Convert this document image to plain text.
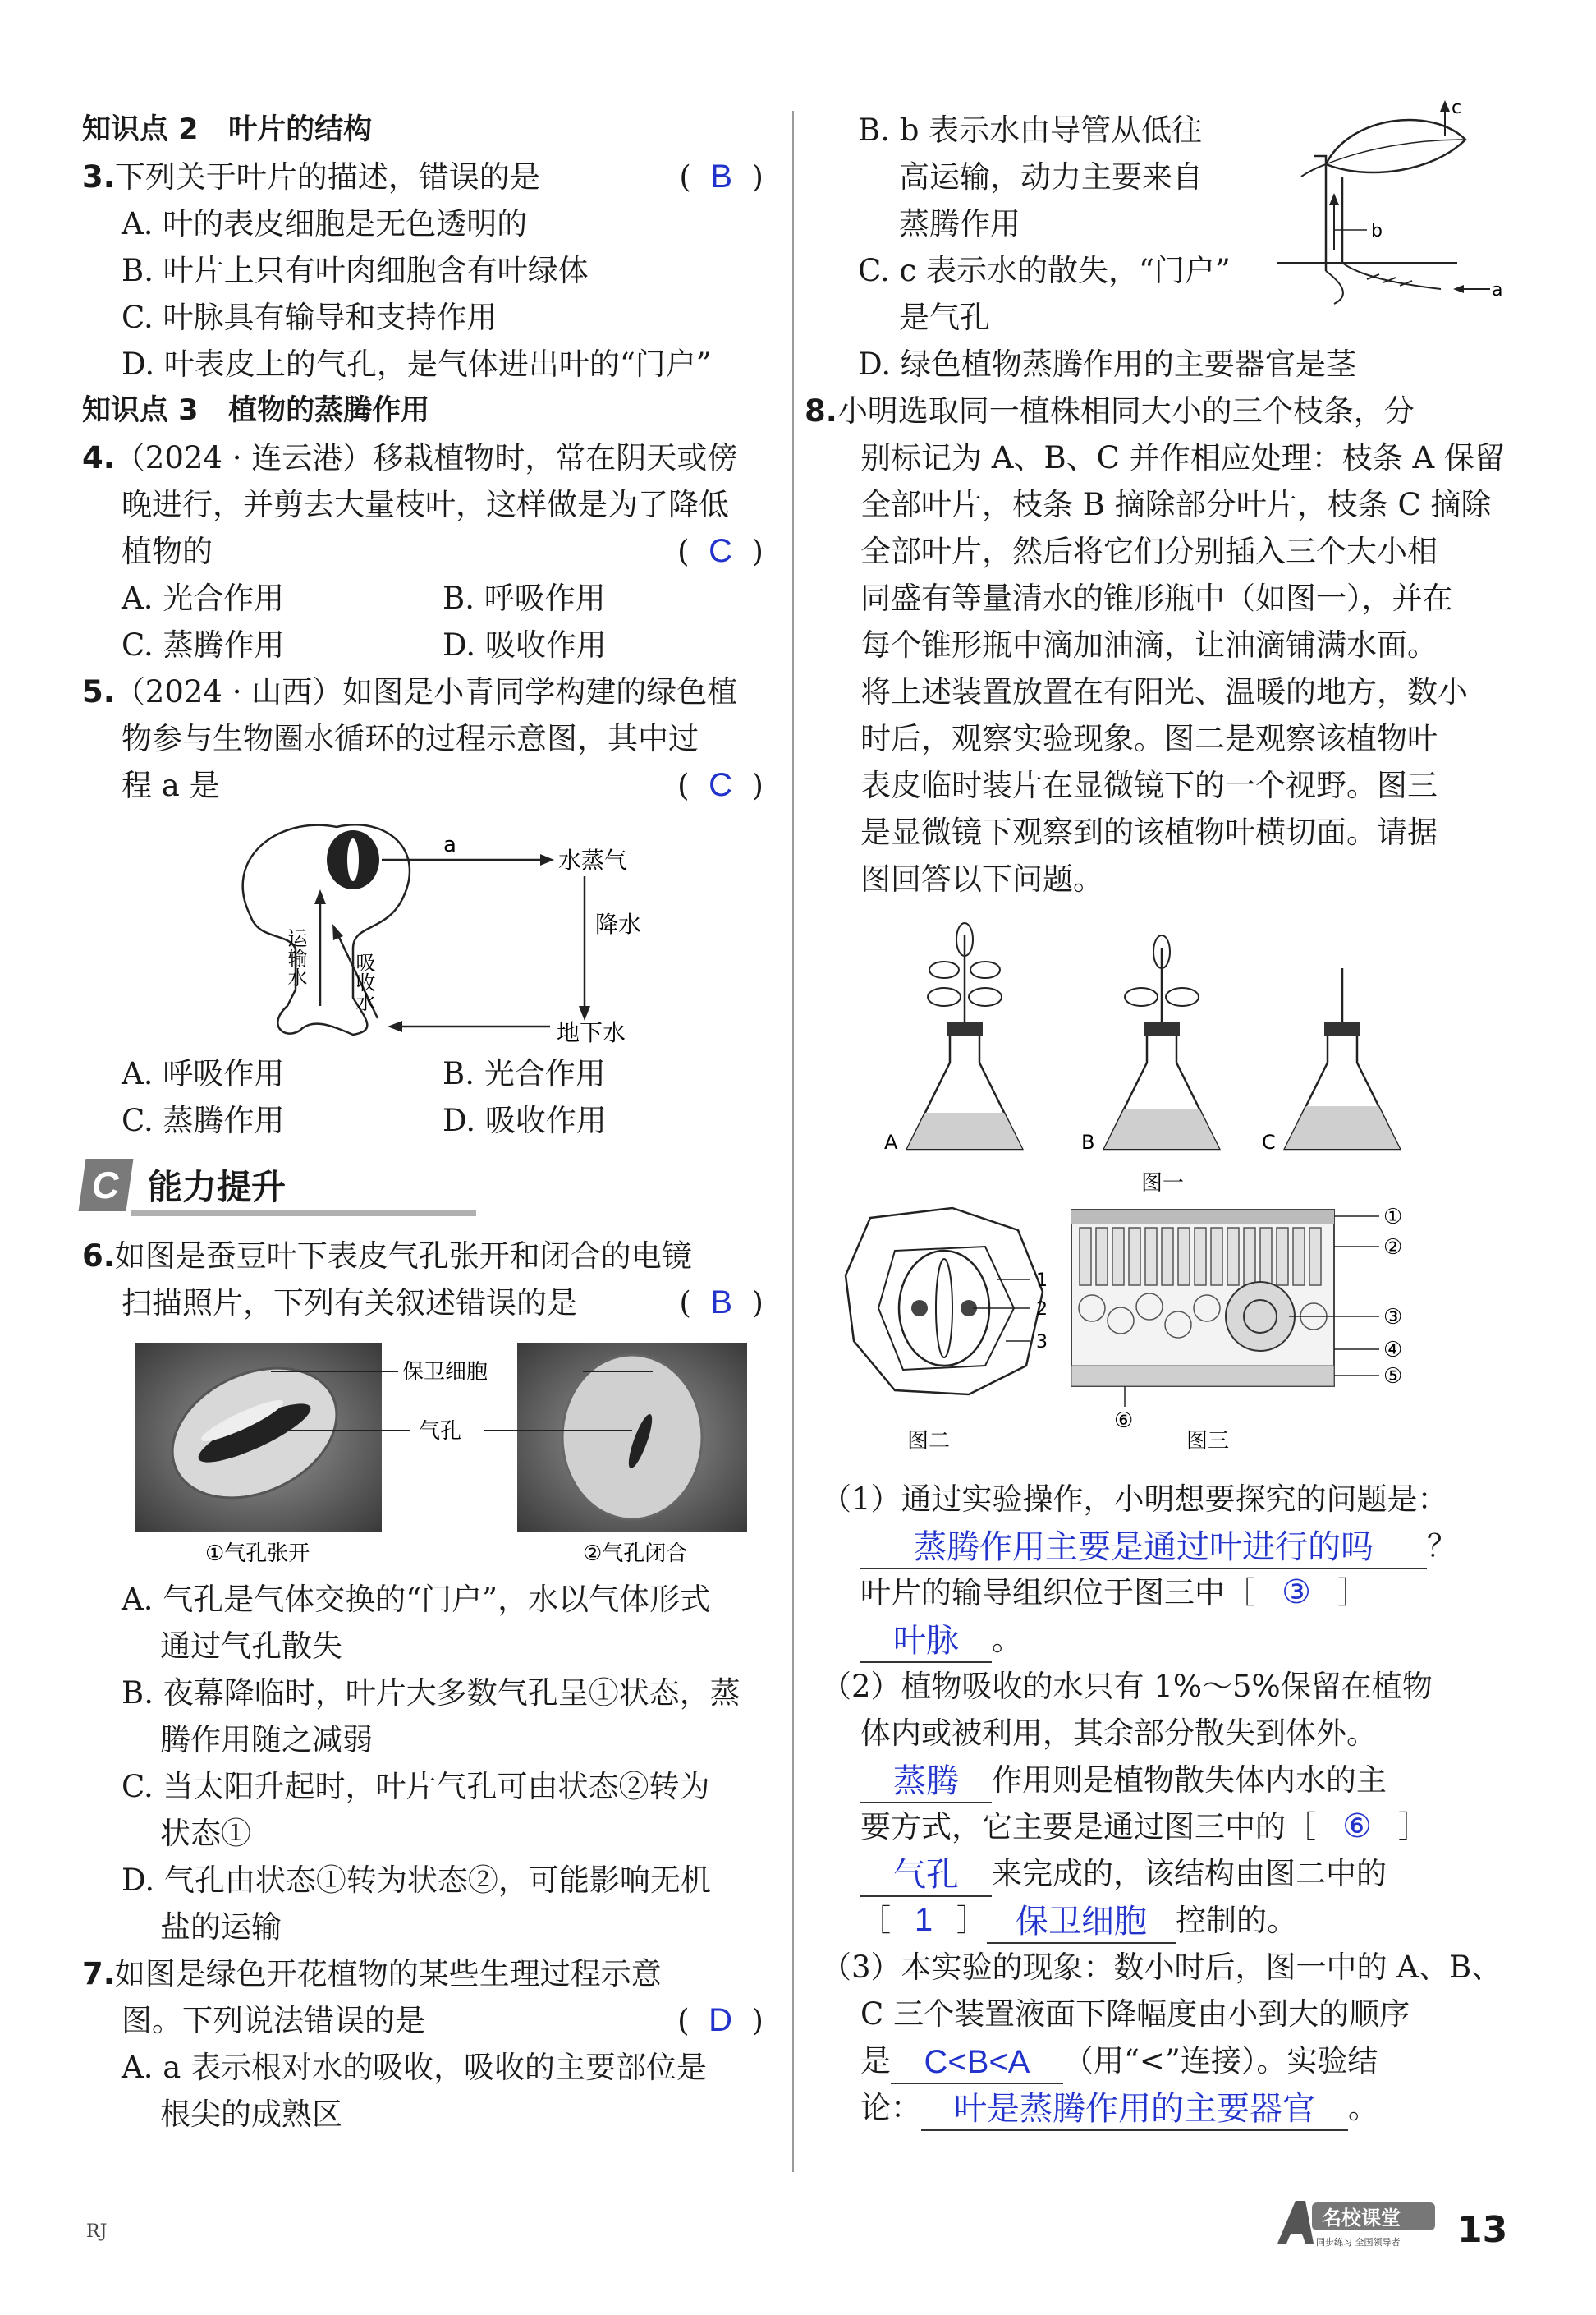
知识点 2 叶片的结构
3.下列关于叶片的描述，错误的是	(  B  )
A. 叶的表皮细胞是无色透明的
B. 叶片上只有叶肉细胞含有叶绿体
C. 叶脉具有输导和支持作用
D. 叶表皮上的气孔，是气体进出叶的“门户”
知识点 3 植物的蒸腾作用
4.（2024 · 连云港）移栽植物时，常在阴天或傍
晚进行，并剪去大量枝叶，这样做是为了降低
植物的	(  C  )
A. 光合作用	B. 呼吸作用
C. 蒸腾作用	D. 吸收作用
5.（2024 · 山西）如图是小青同学构建的绿色植
物参与生物圈水循环的过程示意图，其中过
程 a 是	(  C  )
a
水蒸气
降水
地下水
运输水 吸收水
A. 呼吸作用	B. 光合作用
C. 蒸腾作用	D. 吸收作用
C 能力提升
6.如图是蚕豆叶下表皮气孔张开和闭合的电镜
扫描照片，下列有关叙述错误的是	(  B  )
保卫细胞
气孔
①气孔张开	②气孔闭合
A. 气孔是气体交换的“门户”，水以气体形式
通过气孔散失
B. 夜幕降临时，叶片大多数气孔呈①状态，蒸
腾作用随之减弱
C. 当太阳升起时，叶片气孔可由状态②转为
状态①
D. 气孔由状态①转为状态②，可能影响无机
盐的运输
7.如图是绿色开花植物的某些生理过程示意
图。下列说法错误的是	(  D  )
A. a 表示根对水的吸收，吸收的主要部位是
根尖的成熟区
B. b 表示水由导管从低往
高运输，动力主要来自
蒸腾作用
C. c 表示水的散失，“门户”
是气孔
D. 绿色植物蒸腾作用的主要器官是茎
a
b
c
8.小明选取同一植株相同大小的三个枝条，分
别标记为 A、B、C 并作相应处理：枝条 A 保留
全部叶片，枝条 B 摘除部分叶片，枝条 C 摘除
全部叶片，然后将它们分别插入三个大小相
同盛有等量清水的锥形瓶中（如图一），并在
每个锥形瓶中滴加油滴，让油滴铺满水面。
将上述装置放置在有阳光、温暖的地方，数小
时后，观察实验现象。图二是观察该植物叶
表皮临时装片在显微镜下的一个视野。图三
是显微镜下观察到的该植物叶横切面。请据
图回答以下问题。
A	B	C
图一

1
2
3
图二
①
②
③
④
⑤
⑥
图三
（1）通过实验操作，小明想要探究的问题是：
蒸腾作用主要是通过叶进行的吗 ？
叶片的输导组织位于图三中［ ③ ］
叶脉 。
（2）植物吸收的水只有 1%～5%保留在植物
体内或被利用，其余部分散失到体外。
蒸腾 作用则是植物散失体内水的主
要方式，它主要是通过图三中的［ ⑥ ］
气孔 来完成的，该结构由图二中的
［ 1 ］ 保卫细胞 控制的。
（3）本实验的现象：数小时后，图一中的 A、B、
C 三个装置液面下降幅度由小到大的顺序
是 C<B<A （用“<”连接）。实验结
论： 叶是蒸腾作用的主要器官 。
RJ
名校课堂
同步练习 全国领导者 13
